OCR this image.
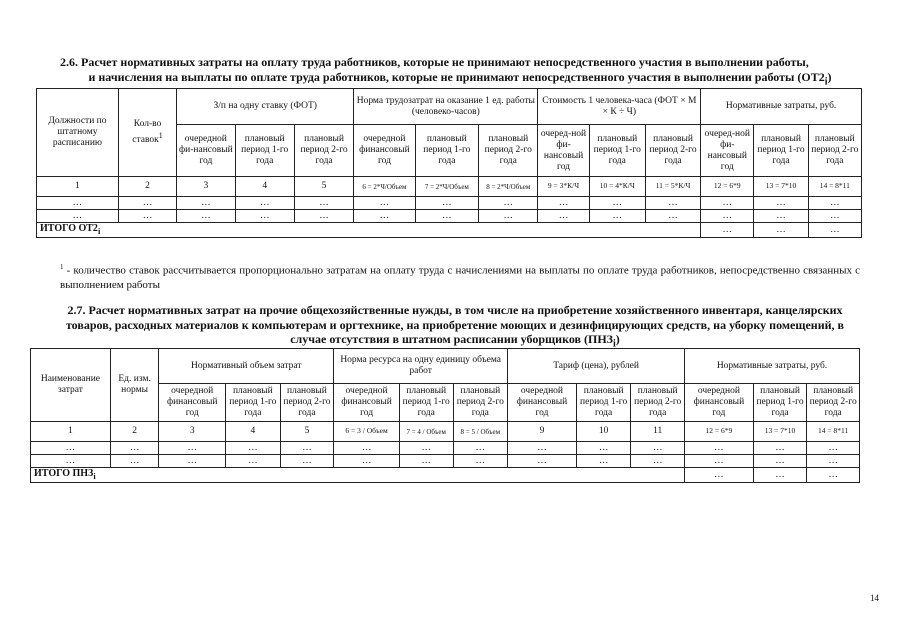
2.6. Расчет нормативных затраты на оплату труда работников, которые не принимают непосредственного участия в выполнении работы,
и начисления на выплаты по оплате труда работников, которые не принимают непосредственного участия в выполнении работы $(ОТ2_i)$
Должности по штатному расписанию	Кол-во ставок$^1$	З/п на одну ставку (ФОТ)			Норма трудозатрат на оказание 1 ед. работы (человеко-часов)			Стоимость 1 человека-часа (ФОТ × М × К ÷ Ч)			Нормативные затраты, руб.		
		очередной фи-нансовый год	плановый период 1-го года	плановый период 2-го года	очередной финансовый год	плановый период 1-го года	плановый период 2-го года	очеред-ной фи-нансовый год	плановый период 1-го года	плановый период 2-го года	очеред-ной фи-нансовый год	плановый период 1-го года	плановый период 2-го года
1	2	3	4	5	6 = 2*Ч/Объем	7 = 2*Ч/Объем	8 = 2*Ч/Объем	9 = 3*К/Ч	10 = 4*К/Ч	11 = 5*К/Ч	12 = 6*9	13 = 7*10	14 = 8*11
…	…	…	…	…	…	…	…	…	…	…	…	…	…
…	…	…	…	…	…	…	…	…	…	…	…	…	…
ИТОГО $ОТ2_i$											…	…	…
$^1$ - количество ставок рассчитывается пропорционально затратам на оплату труда с начислениями на выплаты по оплате труда работников, непосредственно связанных с выполнением работы
2.7. Расчет нормативных затрат на прочие общехозяйственные нужды, в том числе на приобретение хозяйственного инвентаря, канцелярских товаров, расходных материалов к компьютерам и оргтехнике, на приобретение моющих и дезинфицирующих средств, на уборку помещений, в случае отсутствия в штатном расписании уборщиков $(ПНЗ_i)$
Наименование затрат	Ед. изм. нормы	Нормативный объем затрат			Норма ресурса на одну единицу объема работ			Тариф (цена), рублей			Нормативные затраты, руб.		
		очередной финансовый год	плановый период 1-го года	плановый период 2-го года	очередной финансовый год	плановый период 1-го года	плановый период 2-го года	очередной финансовый год	плановый период 1-го года	плановый период 2-го года	очередной финансовый год	плановый период 1-го года	плановый период 2-го года
1	2	3	4	5	6 = 3 / Объем	7 = 4 / Объем	8 = 5 / Объем	9	10	11	12 = 6*9	13 = 7*10	14 = 8*11
…	…	…	…	…	…	…	…	…	…	…	…	…	…
…	…	…	…	…	…	…	…	…	…	…	…	…	…
ИТОГО $ПНЗ_i$											…	…	…
14
